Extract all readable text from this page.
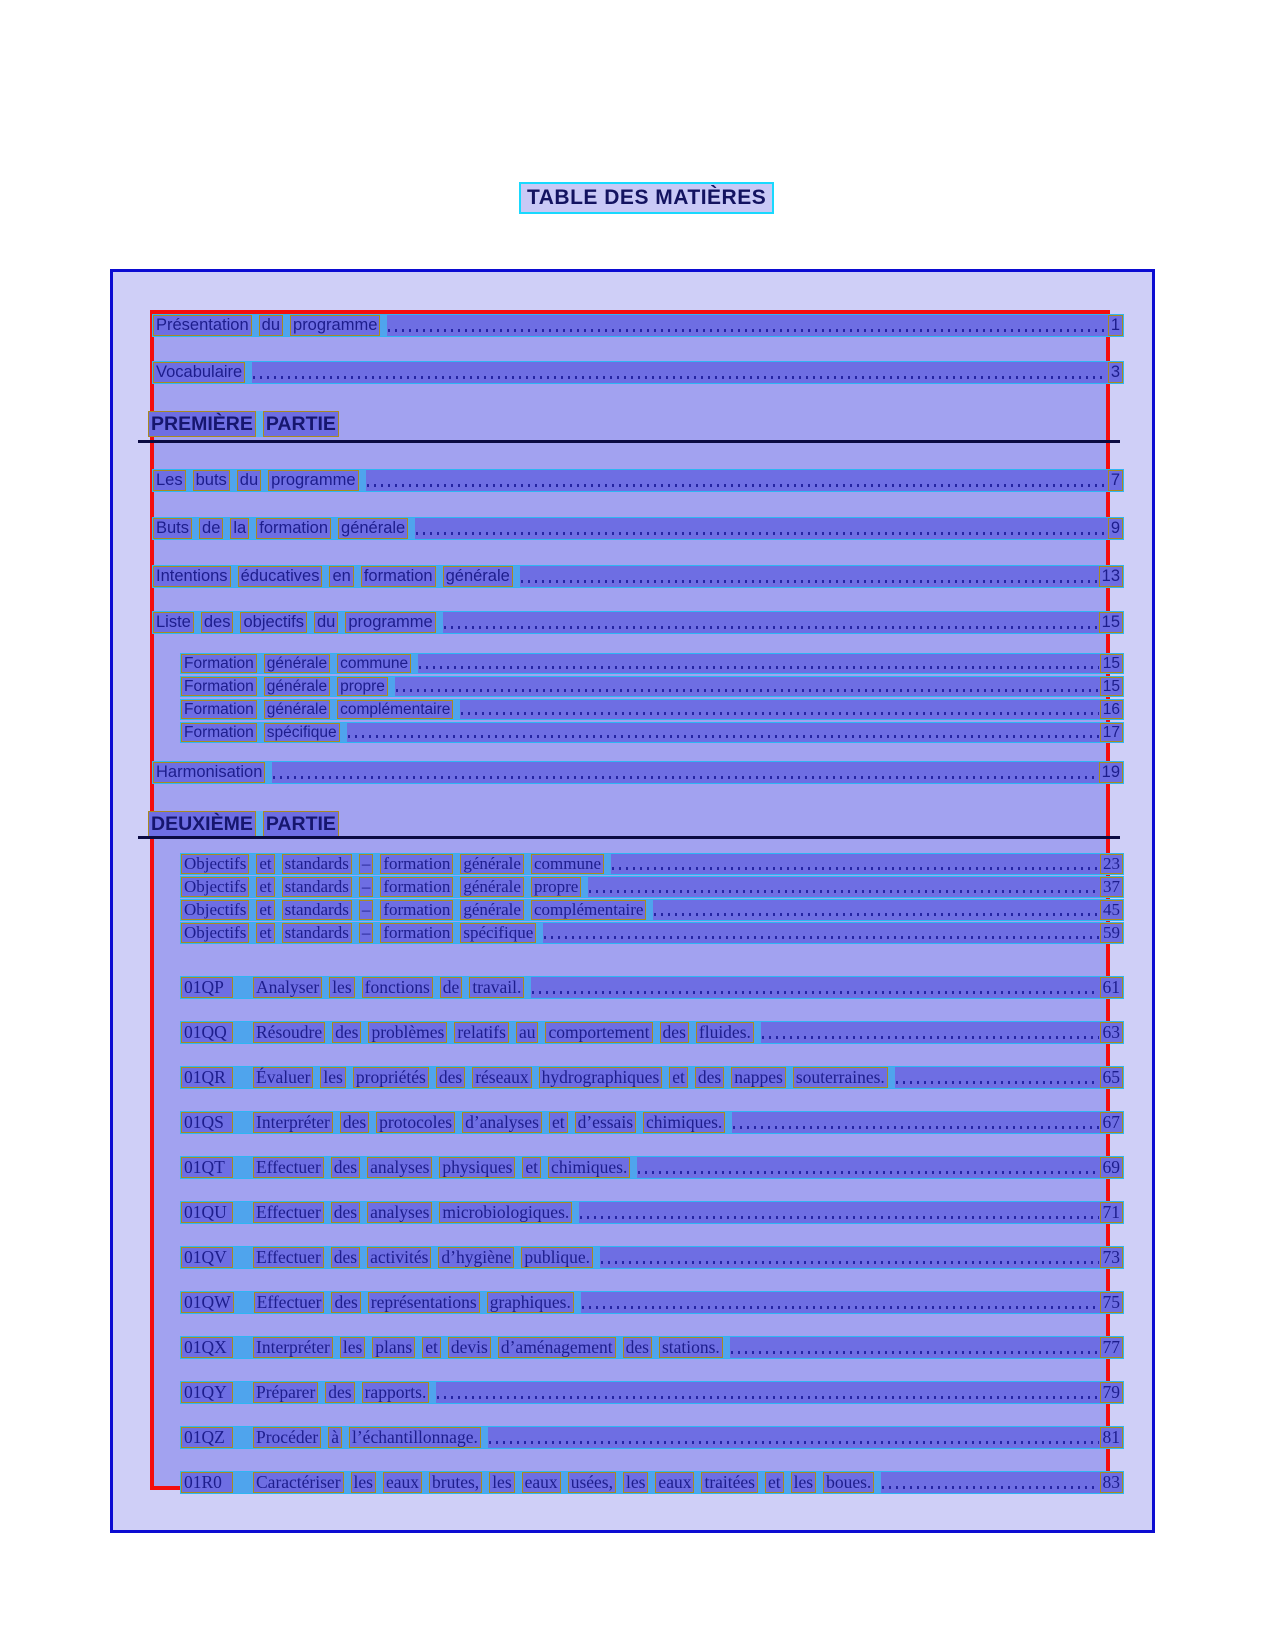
TABLE DES MATIÈRES
Présentation du programme	1
Vocabulaire	3
PREMIÈRE PARTIE
Les buts du programme	7
Buts de la formation générale	9
Intentions éducatives en formation générale	13
Liste des objectifs du programme	15
Formation générale commune	15
Formation générale propre	15
Formation générale complémentaire	16
Formation spécifique	17
Harmonisation	19
DEUXIÈME PARTIE
Objectifs et standards – formation générale commune	23
Objectifs et standards – formation générale propre	37
Objectifs et standards – formation générale complémentaire	45
Objectifs et standards – formation spécifique	59
01QP	Analyser les fonctions de travail.	61
01QQ	Résoudre des problèmes relatifs au comportement des fluides.	63
01QR	Évaluer les propriétés des réseaux hydrographiques et des nappes souterraines.	65
01QS	Interpréter des protocoles d’analyses et d’essais chimiques.	67
01QT	Effectuer des analyses physiques et chimiques.	69
01QU	Effectuer des analyses microbiologiques.	71
01QV	Effectuer des activités d’hygiène publique.	73
01QW Effectuer des représentations graphiques.	75
01QX	Interpréter les plans et devis d’aménagement des stations.	77
01QY	Préparer des rapports.	79
01QZ	Procéder à l’échantillonnage.	81
01R0	Caractériser les eaux brutes, les eaux usées, les eaux traitées et les boues.	83
